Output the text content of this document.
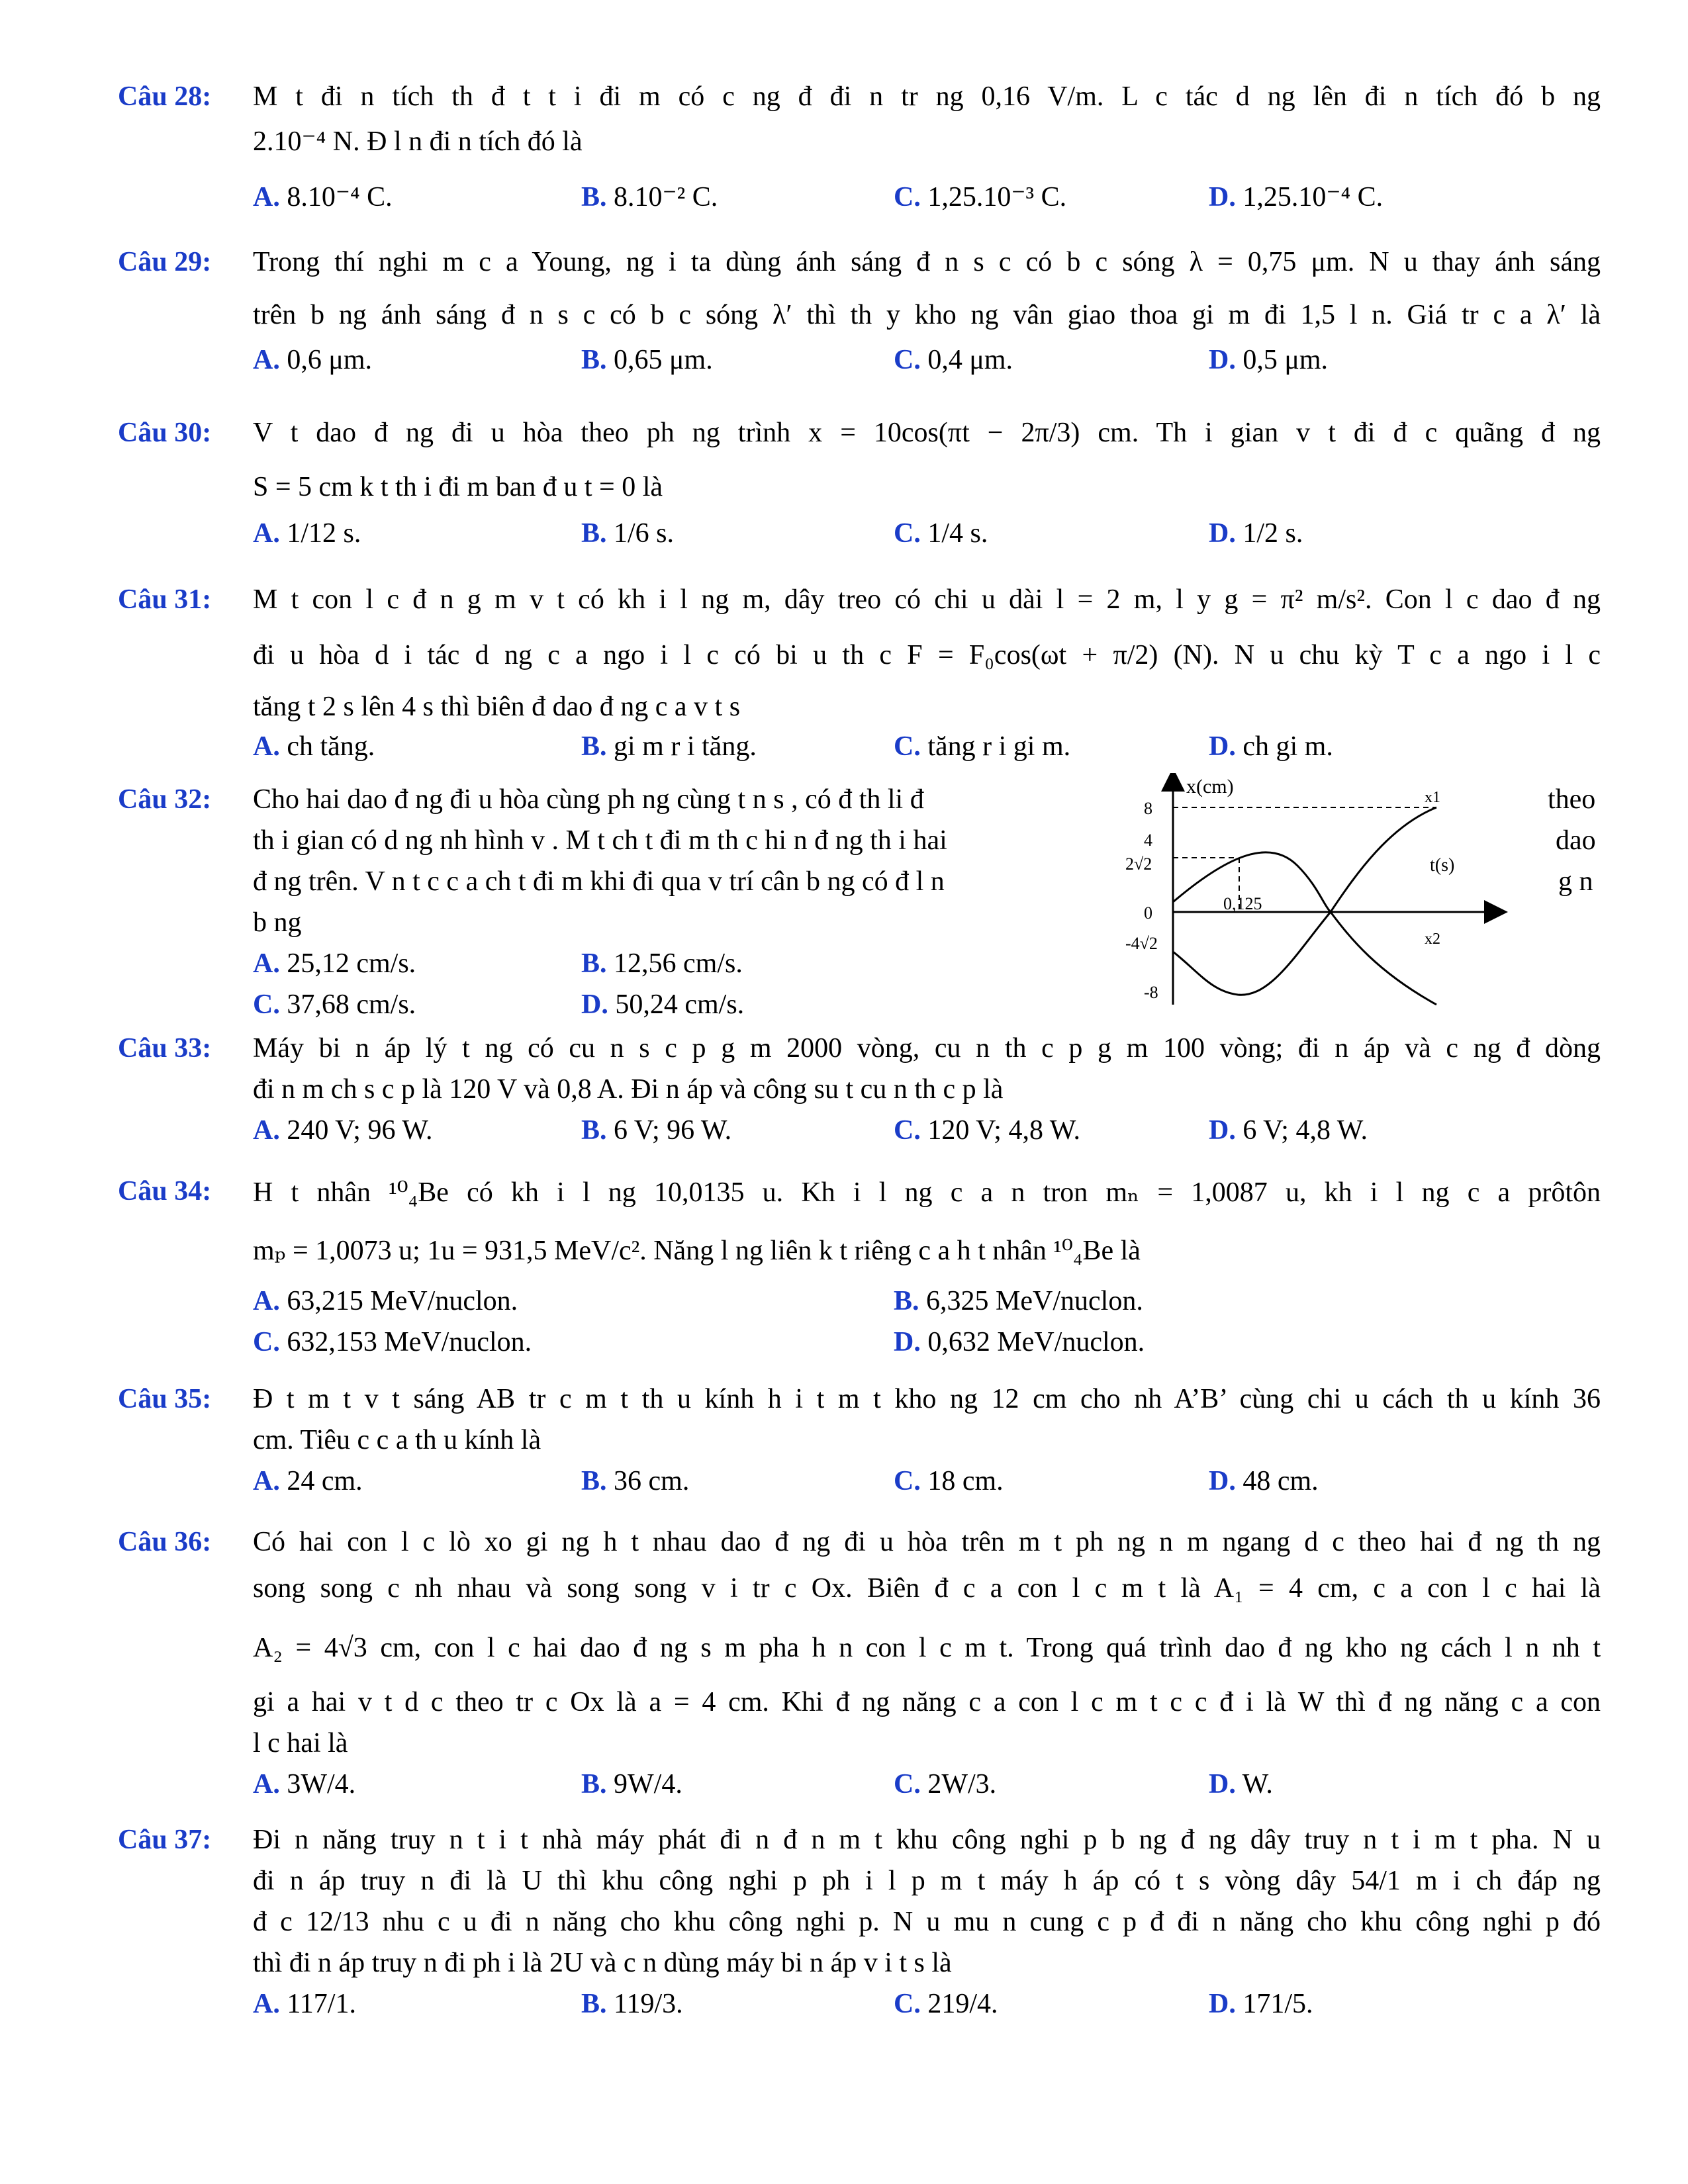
Câu 28: M t đi n tích th đ t t i đi m có c ng đ đi n tr ng 0,16 V/m. L c tác d ng lên đi n tích đó b ng
2.10⁻⁴ N. Đ l n đi n tích đó là
A. 8.10⁻⁴ C.	B. 8.10⁻² C.	C. 1,25.10⁻³ C.	D. 1,25.10⁻⁴ C.
Câu 29: Trong thí nghi m c a Young, ng i ta dùng ánh sáng đ n s c có b c sóng λ = 0,75 μm. N u thay ánh sáng
trên b ng ánh sáng đ n s c có b c sóng λ′ thì th y kho ng vân giao thoa gi m đi 1,5 l n. Giá tr c a λ′ là
A. 0,6 μm.	B. 0,65 μm.	C. 0,4 μm.	D. 0,5 μm.
Câu 30: V t dao đ ng đi u hòa theo ph ng trình x = 10cos(πt − 2π/3) cm. Th i gian v t đi đ c quãng đ ng
S = 5 cm k t th i đi m ban đ u t = 0 là
A. 1/12 s.	B. 1/6 s.	C. 1/4 s.	D. 1/2 s.
Câu 31: M t con l c đ n g m v t có kh i l ng m, dây treo có chi u dài l = 2 m, l y g = π² m/s². Con l c dao đ ng
đi u hòa d i tác d ng c a ngo i l c có bi u th c F = F₀cos(ωt + π/2) (N). N u chu kỳ T c a ngo i l c
tăng t 2 s lên 4 s thì biên đ dao đ ng c a v t s
A. ch tăng.	B. gi m r i tăng.	C. tăng r i gi m.	D. ch gi m.
Câu 32: Cho hai dao đ ng đi u hòa cùng ph ng cùng t n s , có đ th li đ
th i gian có d ng nh hình v . M t ch t đi m th c hi n đ ng th i hai
đ ng trên. V n t c c a ch t đi m khi đi qua v trí cân b ng có đ l n
b ng
theo
dao
g n
A. 25,12 cm/s.	B. 12,56 cm/s.
C. 37,68 cm/s.	D. 50,24 cm/s.
x(cm)
t(s)
8
4
2√2
0
-4√2
-8
0,125
x1
x2
Câu 33: Máy bi n áp lý t ng có cu n s c p g m 2000 vòng, cu n th c p g m 100 vòng; đi n áp và c ng đ dòng
đi n m ch s c p là 120 V và 0,8 A. Đi n áp và công su t cu n th c p là
A. 240 V; 96 W.	B. 6 V; 96 W.	C. 120 V; 4,8 W.	D. 6 V; 4,8 W.
Câu 34: H t nhân ¹⁰₄Be có kh i l ng 10,0135 u. Kh i l ng c a n tron mₙ = 1,0087 u, kh i l ng c a prôtôn
mₚ = 1,0073 u; 1u = 931,5 MeV/c². Năng l ng liên k t riêng c a h t nhân ¹⁰₄Be là
A. 63,215 MeV/nuclon.	B. 6,325 MeV/nuclon.
C. 632,153 MeV/nuclon.	D. 0,632 MeV/nuclon.
Câu 35: Đ t m t v t sáng AB tr c m t th u kính h i t m t kho ng 12 cm cho nh A’B’ cùng chi u cách th u kính 36
cm. Tiêu c c a th u kính là
A. 24 cm.	B. 36 cm.	C. 18 cm.	D. 48 cm.
Câu 36: Có hai con l c lò xo gi ng h t nhau dao đ ng đi u hòa trên m t ph ng n m ngang d c theo hai đ ng th ng
song song c nh nhau và song song v i tr c Ox. Biên đ c a con l c m t là A₁ = 4 cm, c a con l c hai là
A₂ = 4√3 cm, con l c hai dao đ ng s m pha h n con l c m t. Trong quá trình dao đ ng kho ng cách l n nh t
gi a hai v t d c theo tr c Ox là a = 4 cm. Khi đ ng năng c a con l c m t c c đ i là W thì đ ng năng c a con
l c hai là
A. 3W/4.	B. 9W/4.	C. 2W/3.	D. W.
Câu 37: Đi n năng truy n t i t nhà máy phát đi n đ n m t khu công nghi p b ng đ ng dây truy n t i m t pha. N u
đi n áp truy n đi là U thì khu công nghi p ph i l p m t máy h áp có t s vòng dây 54/1 m i ch đáp ng
đ c 12/13 nhu c u đi n năng cho khu công nghi p. N u mu n cung c p đ đi n năng cho khu công nghi p đó
thì đi n áp truy n đi ph i là 2U và c n dùng máy bi n áp v i t s là
A. 117/1.	B. 119/3.	C. 219/4.	D. 171/5.
